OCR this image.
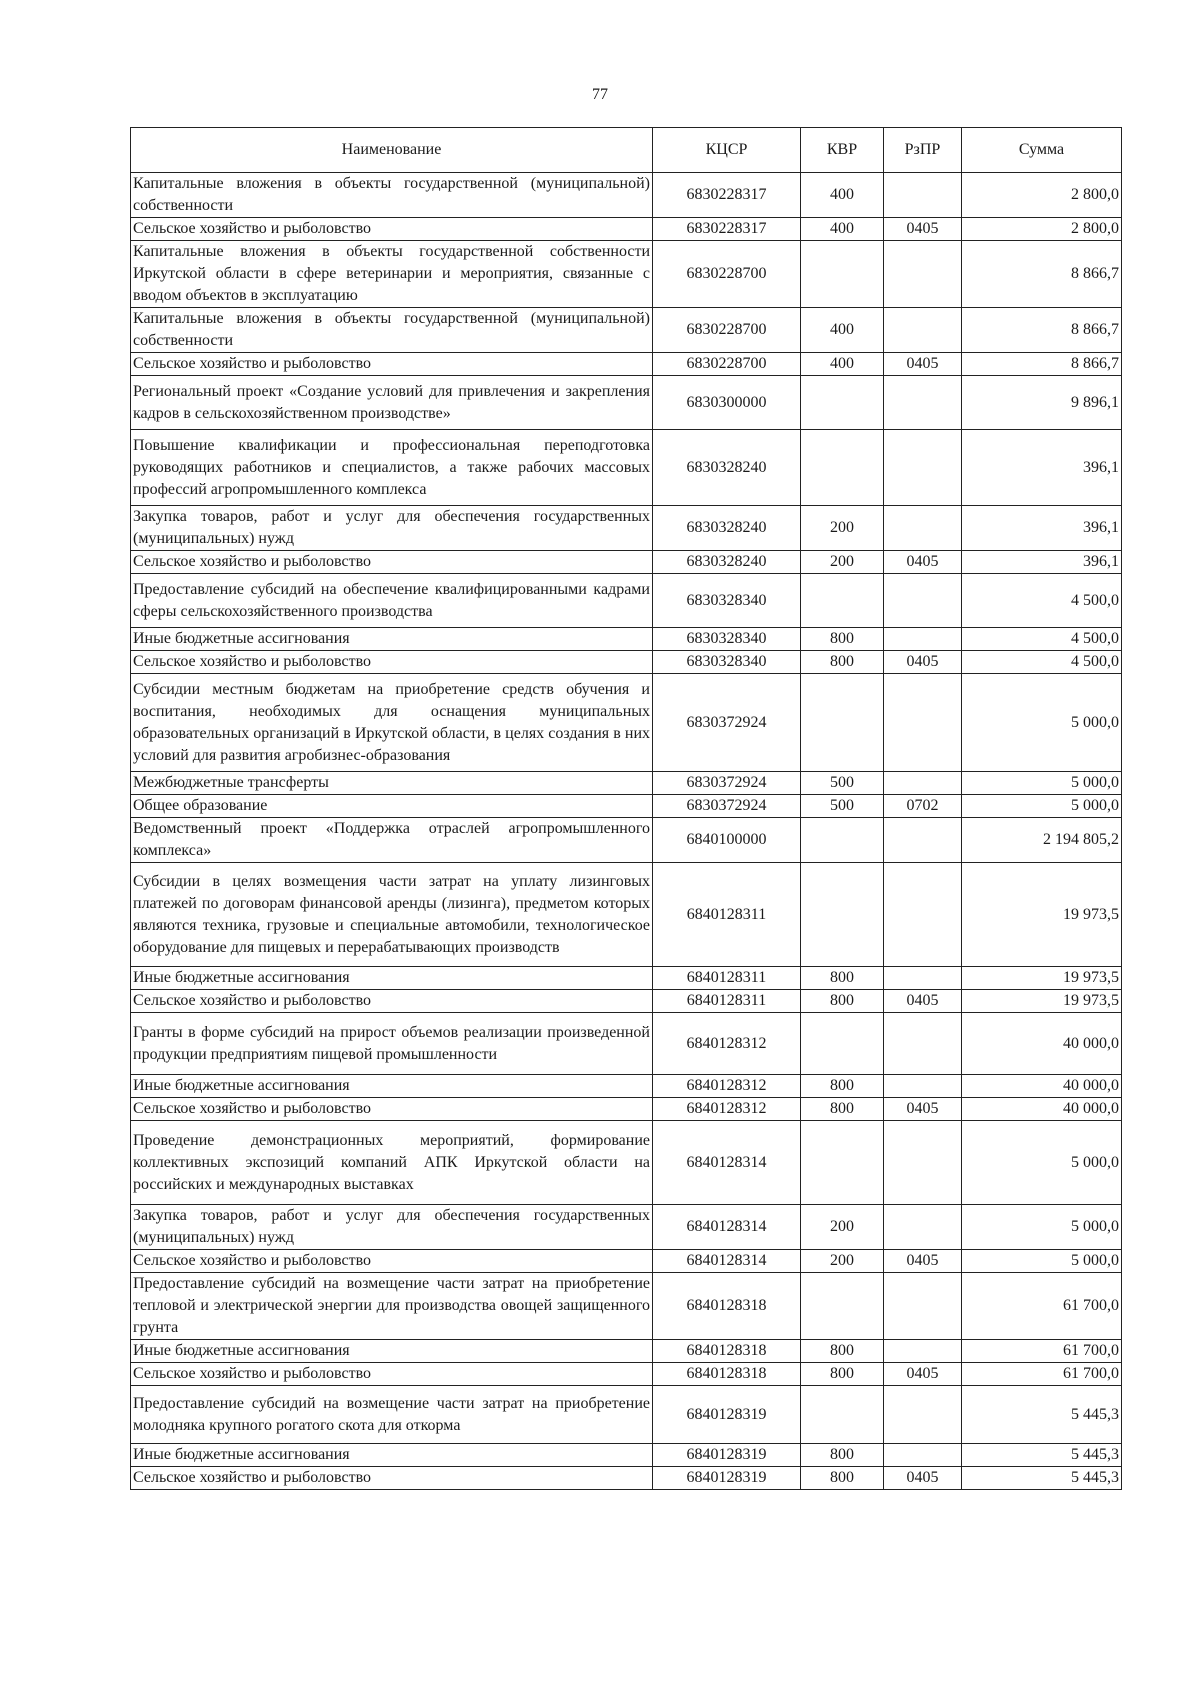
77
Наименование	КЦСР	КВР	РзПР	Сумма
Капитальные вложения в объекты государственной (муниципальной) собственности	6830228317	400		2 800,0
Сельское хозяйство и рыболовство	6830228317	400	0405	2 800,0
Капитальные вложения в объекты государственной собственности Иркутской области в сфере ветеринарии и мероприятия, связанные с вводом объектов в эксплуатацию	6830228700			8 866,7
Капитальные вложения в объекты государственной (муниципальной) собственности	6830228700	400		8 866,7
Сельское хозяйство и рыболовство	6830228700	400	0405	8 866,7
Региональный проект «Создание условий для привлечения и закрепления кадров в сельскохозяйственном производстве»	6830300000			9 896,1
Повышение квалификации и профессиональная переподготовка руководящих работников и специалистов, а также рабочих массовых профессий агропромышленного комплекса	6830328240			396,1
Закупка товаров, работ и услуг для обеспечения государственных (муниципальных) нужд	6830328240	200		396,1
Сельское хозяйство и рыболовство	6830328240	200	0405	396,1
Предоставление субсидий на обеспечение квалифицированными кадрами сферы сельскохозяйственного производства	6830328340			4 500,0
Иные бюджетные ассигнования	6830328340	800		4 500,0
Сельское хозяйство и рыболовство	6830328340	800	0405	4 500,0
Субсидии местным бюджетам на приобретение средств обучения и воспитания, необходимых для оснащения муниципальных образовательных организаций в Иркутской области, в целях создания в них условий для развития агробизнес-образования	6830372924			5 000,0
Межбюджетные трансферты	6830372924	500		5 000,0
Общее образование	6830372924	500	0702	5 000,0
Ведомственный проект «Поддержка отраслей агропромышленного комплекса»	6840100000			2 194 805,2
Субсидии в целях возмещения части затрат на уплату лизинговых платежей по договорам финансовой аренды (лизинга), предметом которых являются техника, грузовые и специальные автомобили, технологическое оборудование для пищевых и перерабатывающих производств	6840128311			19 973,5
Иные бюджетные ассигнования	6840128311	800		19 973,5
Сельское хозяйство и рыболовство	6840128311	800	0405	19 973,5
Гранты в форме субсидий на прирост объемов реализации произведенной продукции предприятиям пищевой промышленности	6840128312			40 000,0
Иные бюджетные ассигнования	6840128312	800		40 000,0
Сельское хозяйство и рыболовство	6840128312	800	0405	40 000,0
Проведение демонстрационных мероприятий, формирование коллективных экспозиций компаний АПК Иркутской области на российских и международных выставках	6840128314			5 000,0
Закупка товаров, работ и услуг для обеспечения государственных (муниципальных) нужд	6840128314	200		5 000,0
Сельское хозяйство и рыболовство	6840128314	200	0405	5 000,0
Предоставление субсидий на возмещение части затрат на приобретение тепловой и электрической энергии для производства овощей защищенного грунта	6840128318			61 700,0
Иные бюджетные ассигнования	6840128318	800		61 700,0
Сельское хозяйство и рыболовство	6840128318	800	0405	61 700,0
Предоставление субсидий на возмещение части затрат на приобретение молодняка крупного рогатого скота для откорма	6840128319			5 445,3
Иные бюджетные ассигнования	6840128319	800		5 445,3
Сельское хозяйство и рыболовство	6840128319	800	0405	5 445,3
